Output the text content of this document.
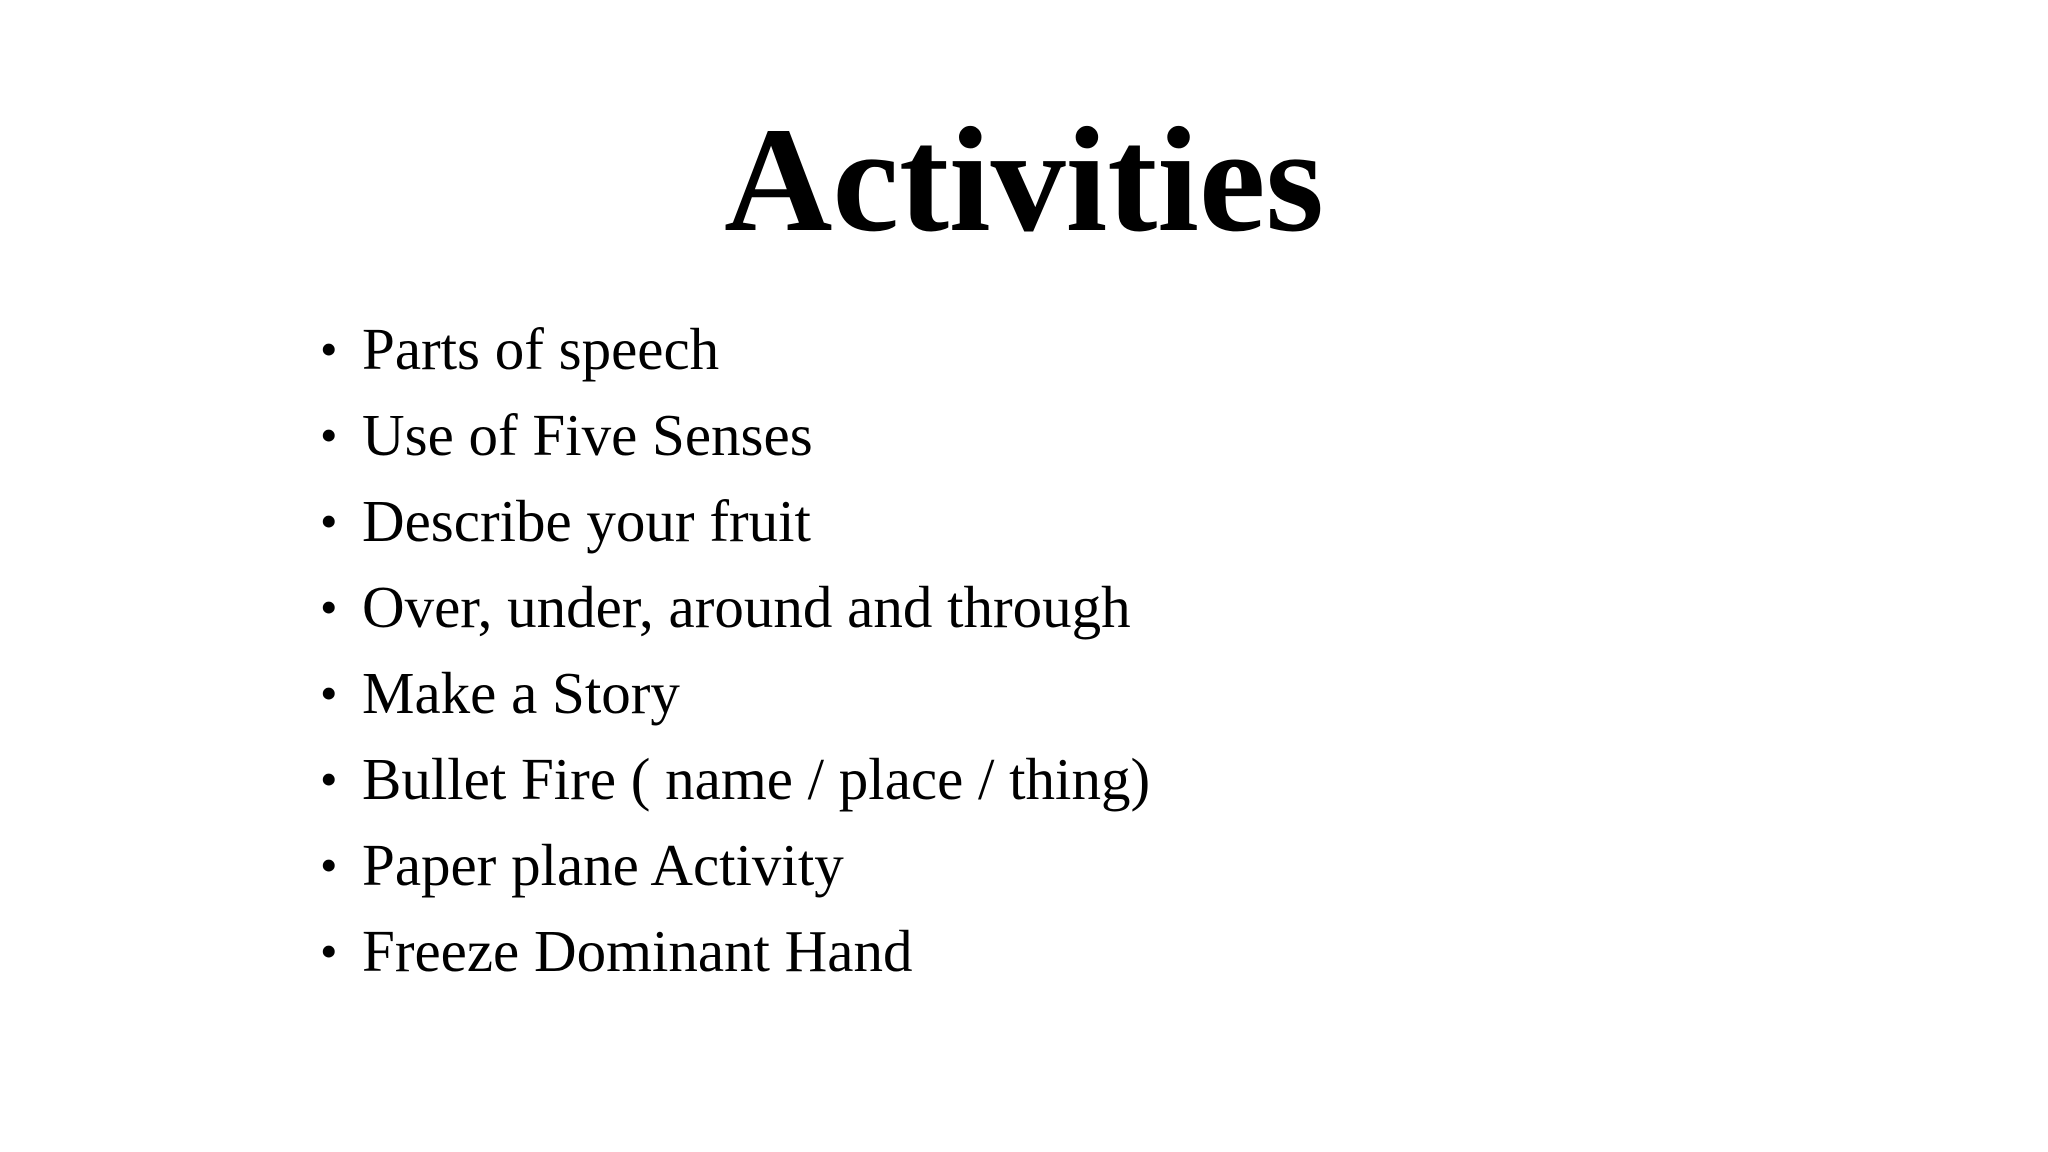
Activities
• Parts of speech
• Use of Five Senses
• Describe your fruit
• Over, under, around and through
• Make a Story
• Bullet Fire ( name / place / thing)
• Paper plane Activity
• Freeze Dominant Hand
